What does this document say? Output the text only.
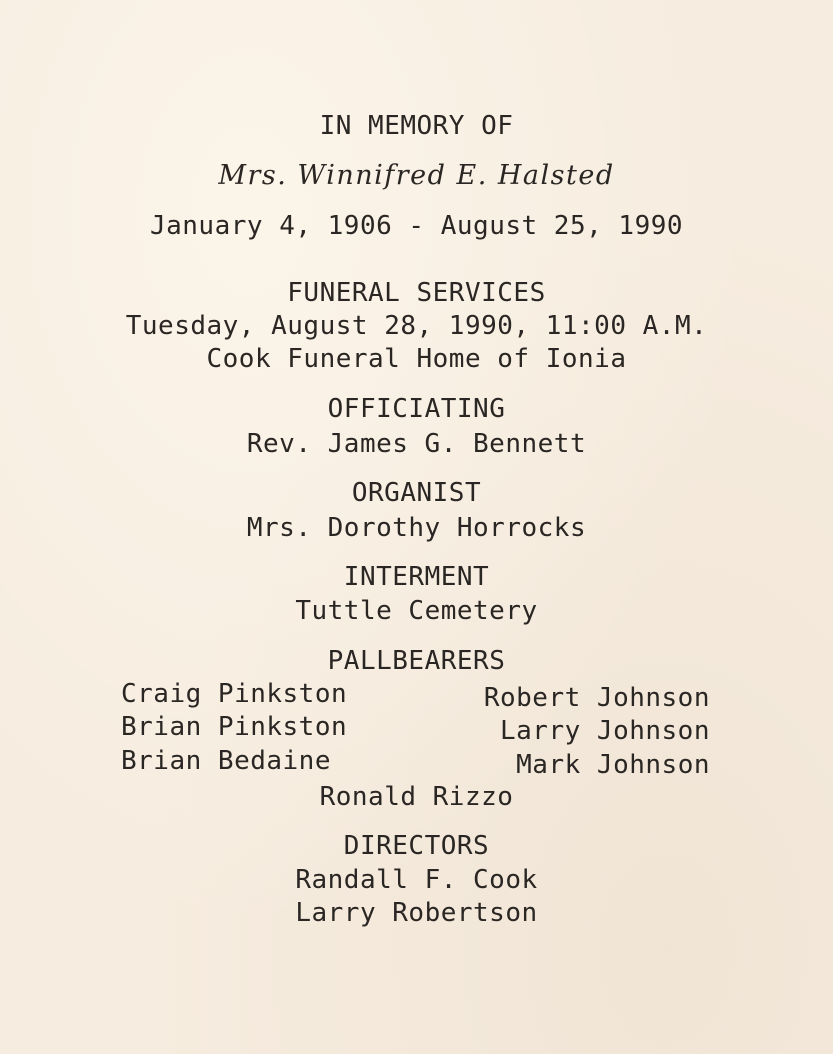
IN MEMORY OF
Mrs. Winnifred E. Halsted
January 4, 1906 - August 25, 1990
FUNERAL SERVICES
Tuesday, August 28, 1990, 11:00 A.M.
Cook Funeral Home of Ionia
OFFICIATING
Rev. James G. Bennett
ORGANIST
Mrs. Dorothy Horrocks
INTERMENT
Tuttle Cemetery
PALLBEARERS
Craig Pinkston
Brian Pinkston
Brian Bedaine
Robert Johnson
Larry Johnson
Mark Johnson
Ronald Rizzo
DIRECTORS
Randall F. Cook
Larry Robertson
